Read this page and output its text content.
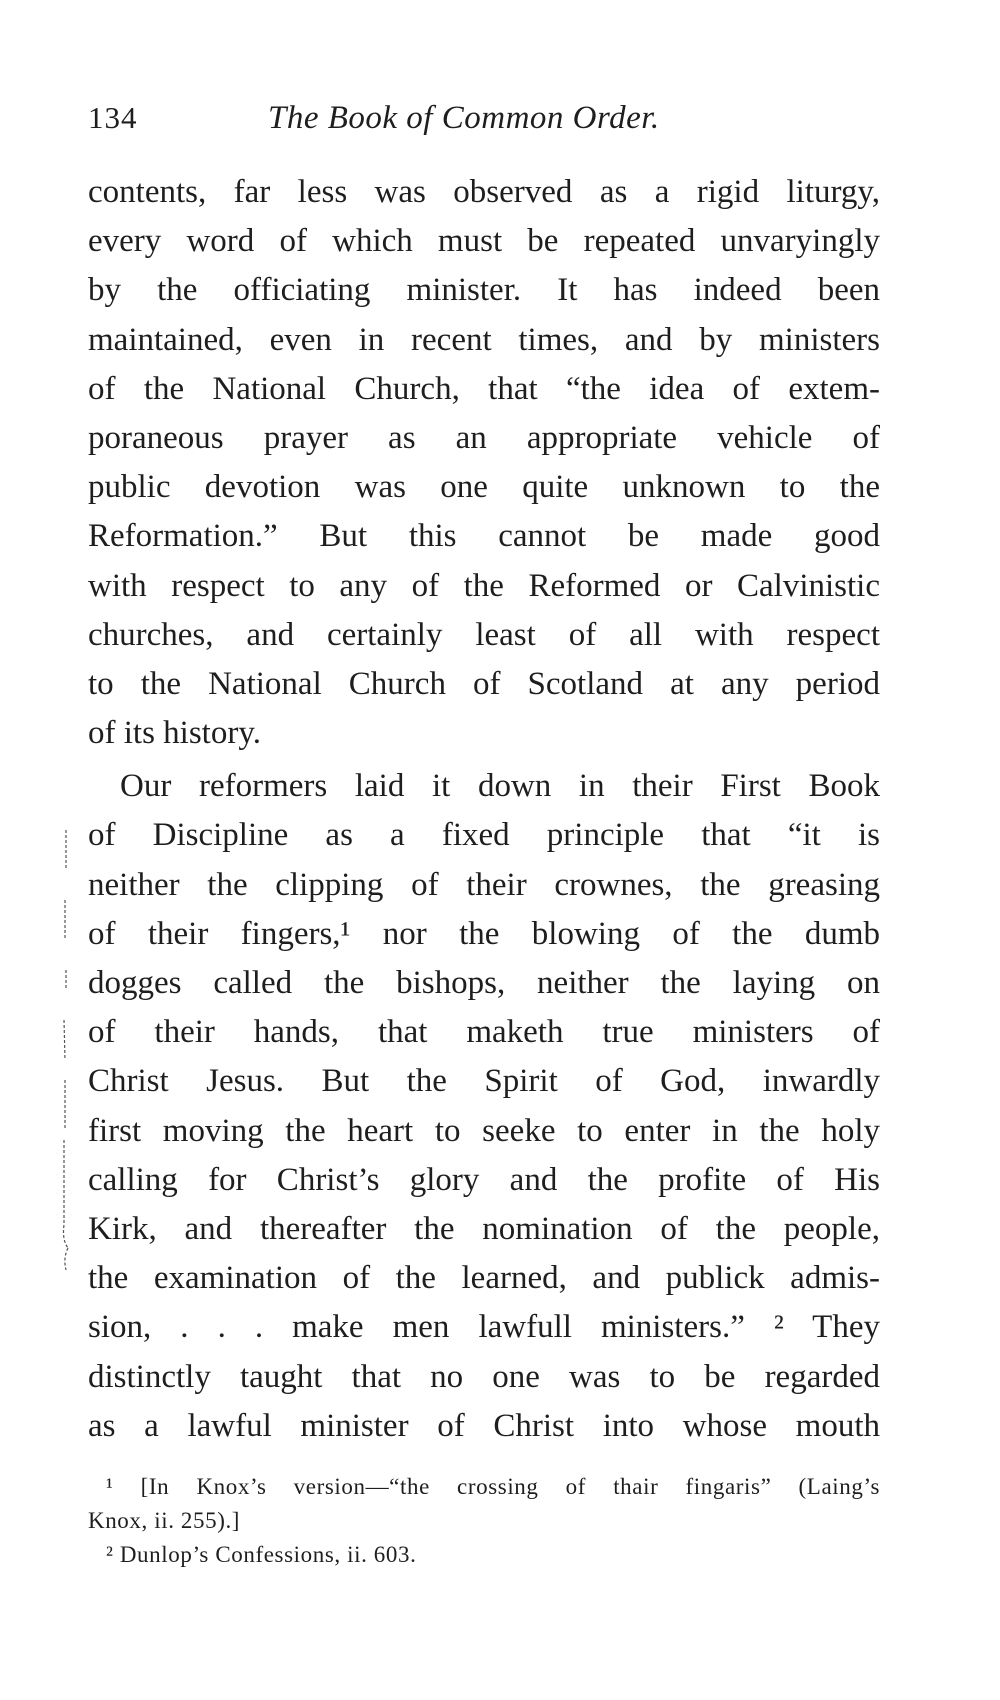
134	The Book of Common Order.
contents, far less was observed as a rigid liturgy,
every word of which must be repeated unvaryingly
by the officiating minister. It has indeed been
maintained, even in recent times, and by ministers
of the National Church, that “the idea of extem-
poraneous prayer as an appropriate vehicle of
public devotion was one quite unknown to the
Reformation.” But this cannot be made good
with respect to any of the Reformed or Calvinistic
churches, and certainly least of all with respect
to the National Church of Scotland at any period
of its history.
Our reformers laid it down in their First Book
of Discipline as a fixed principle that “it is
neither the clipping of their crownes, the greasing
of their fingers,¹ nor the blowing of the dumb
dogges called the bishops, neither the laying on
of their hands, that maketh true ministers of
Christ Jesus. But the Spirit of God, inwardly
first moving the heart to seeke to enter in the holy
calling for Christ’s glory and the profite of His
Kirk, and thereafter the nomination of the people,
the examination of the learned, and publick admis-
sion, . . . make men lawfull ministers.” ² They
distinctly taught that no one was to be regarded
as a lawful minister of Christ into whose mouth
¹ [In Knox’s version—“the crossing of thair fingaris” (Laing’s
Knox, ii. 255).]
² Dunlop’s Confessions, ii. 603.
